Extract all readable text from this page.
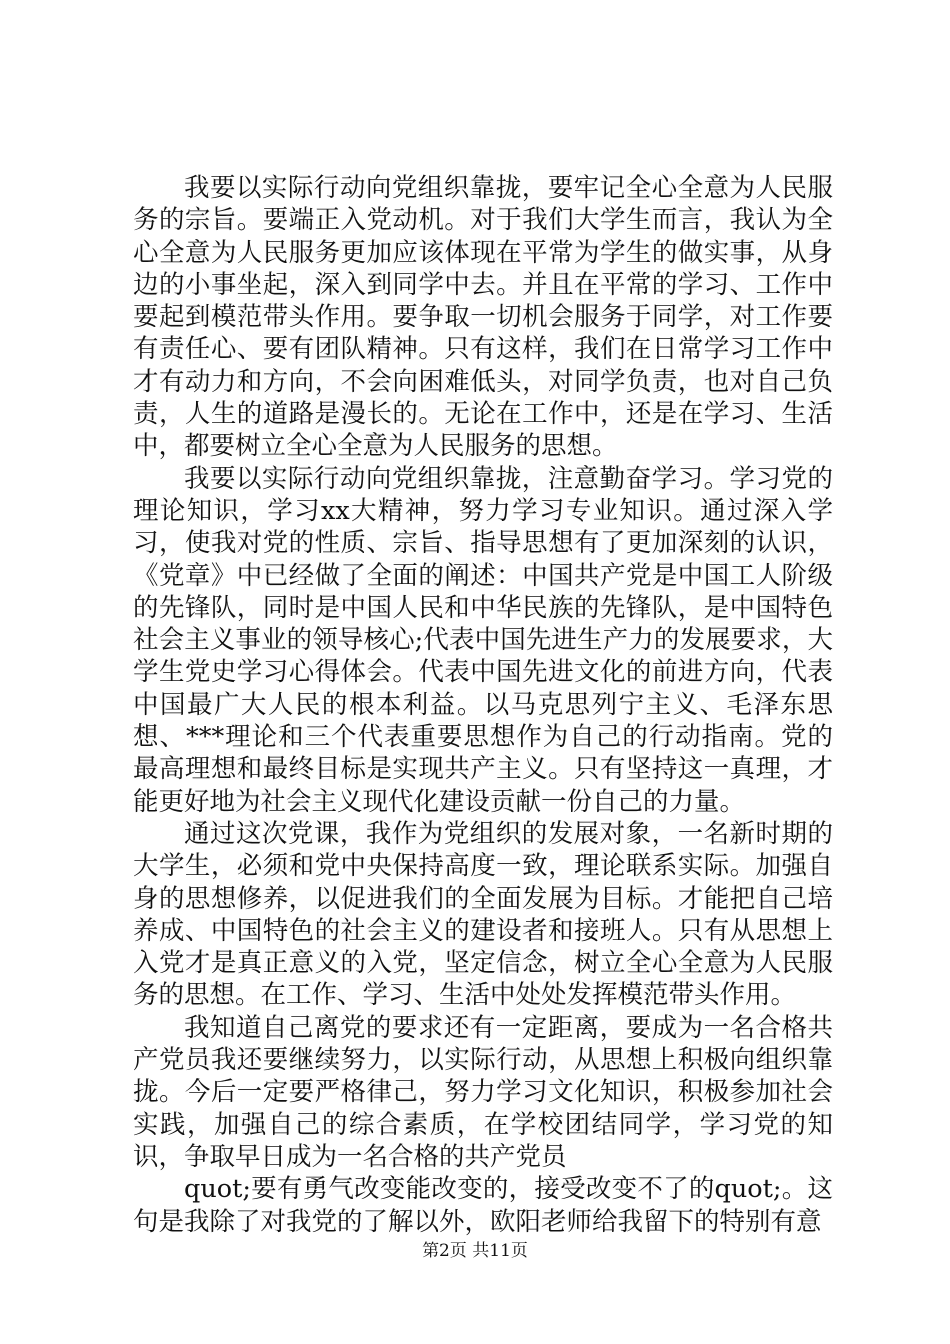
我要以实际行动向党组织靠拢，要牢记全心全意为人民服务的宗旨。要端正入党动机。对于我们大学生而言，我认为全心全意为人民服务更加应该体现在平常为学生的做实事，从身边的小事坐起，深入到同学中去。并且在平常的学习、工作中要起到模范带头作用。要争取一切机会服务于同学，对工作要有责任心、要有团队精神。只有这样，我们在日常学习工作中才有动力和方向，不会向困难低头，对同学负责，也对自己负责，人生的道路是漫长的。无论在工作中，还是在学习、生活中，都要树立全心全意为人民服务的思想。

我要以实际行动向党组织靠拢，注意勤奋学习。学习党的理论知识，学习xx大精神，努力学习专业知识。通过深入学习，使我对党的性质、宗旨、指导思想有了更加深刻的认识，《党章》中已经做了全面的阐述：中国共产党是中国工人阶级的先锋队，同时是中国人民和中华民族的先锋队，是中国特色社会主义事业的领导核心;代表中国先进生产力的发展要求，大学生党史学习心得体会。代表中国先进文化的前进方向，代表中国最广大人民的根本利益。以马克思列宁主义、毛泽东思想、***理论和三个代表重要思想作为自己的行动指南。党的最高理想和最终目标是实现共产主义。只有坚持这一真理，才能更好地为社会主义现代化建设贡献一份自己的力量。

通过这次党课，我作为党组织的发展对象，一名新时期的大学生，必须和党中央保持高度一致，理论联系实际。加强自身的思想修养，以促进我们的全面发展为目标。才能把自己培养成、中国特色的社会主义的建设者和接班人。只有从思想上入党才是真正意义的入党，坚定信念，树立全心全意为人民服务的思想。在工作、学习、生活中处处发挥模范带头作用。

我知道自己离党的要求还有一定距离，要成为一名合格共产党员我还要继续努力，以实际行动，从思想上积极向组织靠拢。今后一定要严格律己，努力学习文化知识，积极参加社会实践，加强自己的综合素质，在学校团结同学，学习党的知识，争取早日成为一名合格的共产党员

quot;要有勇气改变能改变的，接受改变不了的quot;。这句是我除了对我党的了解以外，欧阳老师给我留下的特别有意

第2页 共11页
